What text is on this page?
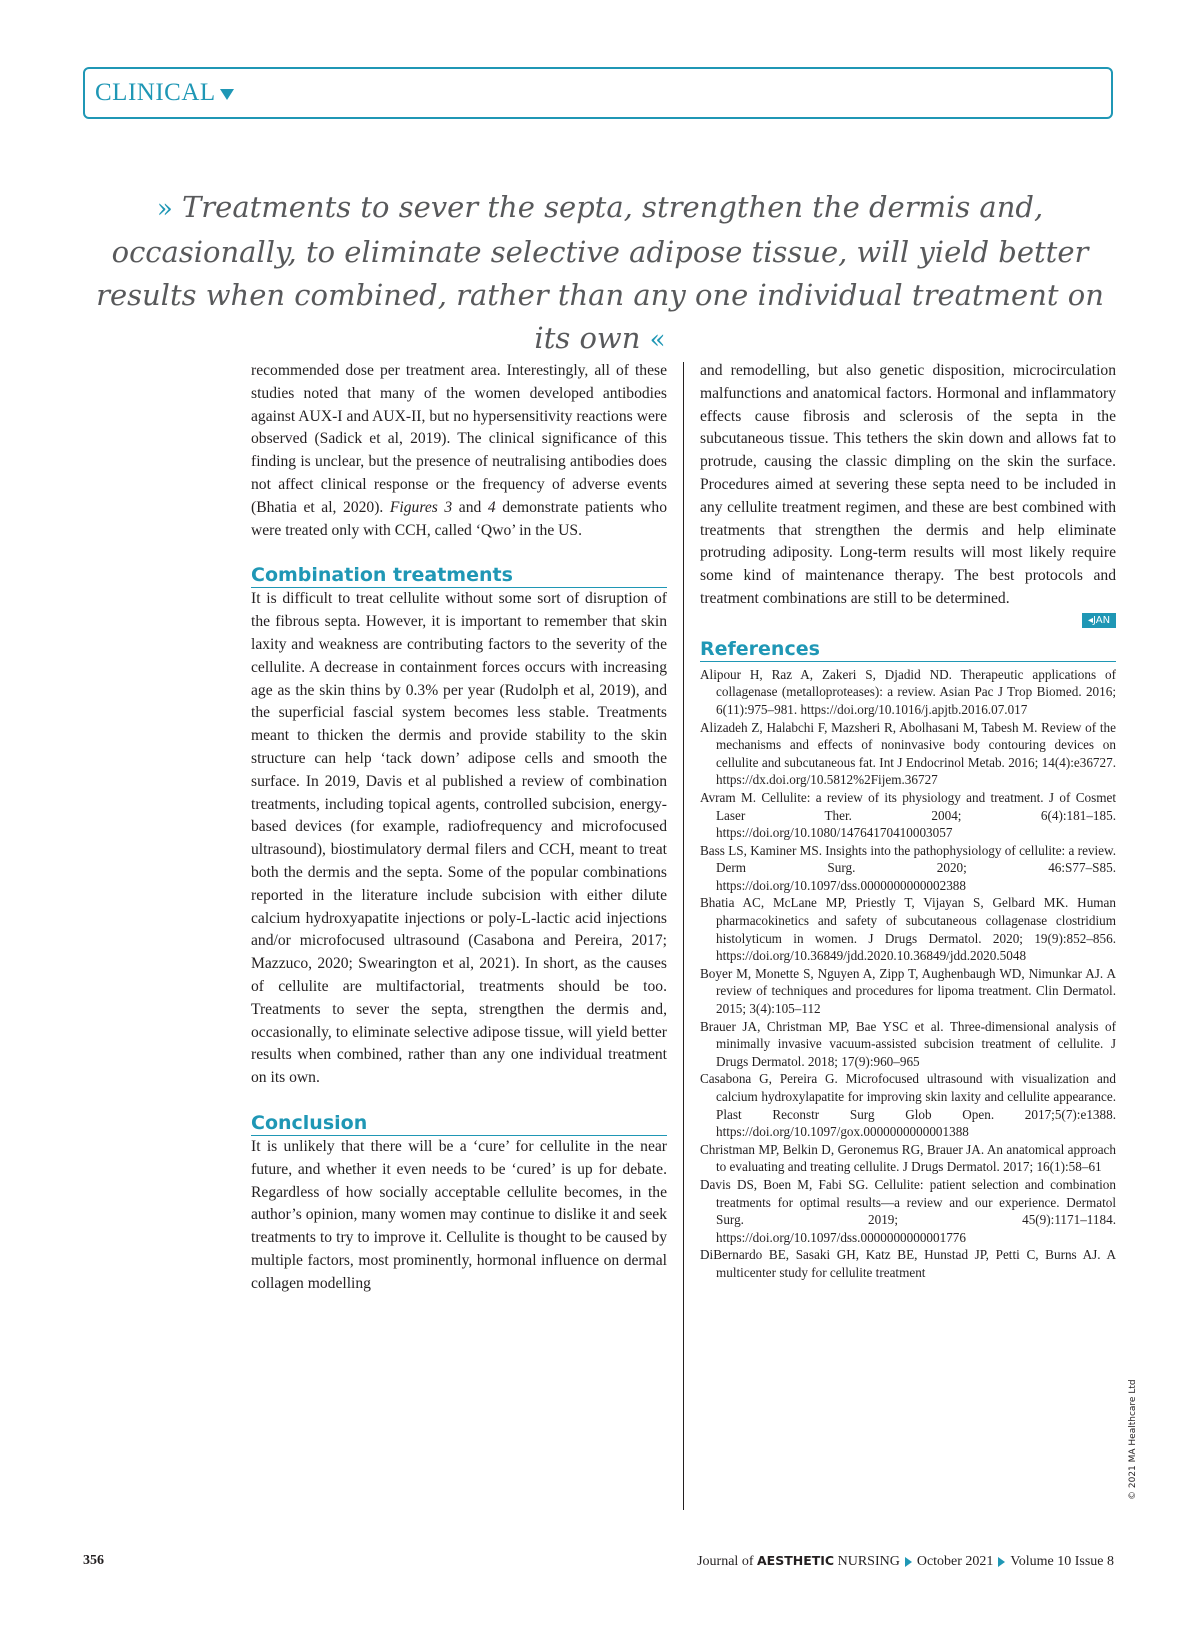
CLINICAL
» Treatments to sever the septa, strengthen the dermis and, occasionally, to eliminate selective adipose tissue, will yield better results when combined, rather than any one individual treatment on its own «

recommended dose per treatment area. Interestingly, all of these studies noted that many of the women developed antibodies against AUX-I and AUX-II, but no hypersensitivity reactions were observed (Sadick et al, 2019). The clinical significance of this finding is unclear, but the presence of neutralising antibodies does not affect clinical response or the frequency of adverse events (Bhatia et al, 2020). Figures 3 and 4 demonstrate patients who were treated only with CCH, called ‘Qwo’ in the US.

Combination treatments

It is difficult to treat cellulite without some sort of disruption of the fibrous septa. However, it is important to remember that skin laxity and weakness are contributing factors to the severity of the cellulite. A decrease in containment forces occurs with increasing age as the skin thins by 0.3% per year (Rudolph et al, 2019), and the superficial fascial system becomes less stable. Treatments meant to thicken the dermis and provide stability to the skin structure can help ‘tack down’ adipose cells and smooth the surface. In 2019, Davis et al published a review of combination treatments, including topical agents, controlled subcision, energy-based devices (for example, radiofrequency and microfocused ultrasound), biostimulatory dermal filers and CCH, meant to treat both the dermis and the septa. Some of the popular combinations reported in the literature include subcision with either dilute calcium hydroxyapatite injections or poly-L-lactic acid injections and/or microfocused ultrasound (Casabona and Pereira, 2017; Mazzuco, 2020; Swearington et al, 2021). In short, as the causes of cellulite are multifactorial, treatments should be too. Treatments to sever the septa, strengthen the dermis and, occasionally, to eliminate selective adipose tissue, will yield better results when combined, rather than any one individual treatment on its own.

Conclusion

It is unlikely that there will be a ‘cure’ for cellulite in the near future, and whether it even needs to be ‘cured’ is up for debate. Regardless of how socially acceptable cellulite becomes, in the author’s opinion, many women may continue to dislike it and seek treatments to try to improve it. Cellulite is thought to be caused by multiple factors, most prominently, hormonal influence on dermal collagen modelling

and remodelling, but also genetic disposition, microcirculation malfunctions and anatomical factors. Hormonal and inflammatory effects cause fibrosis and sclerosis of the septa in the subcutaneous tissue. This tethers the skin down and allows fat to protrude, causing the classic dimpling on the skin the surface. Procedures aimed at severing these septa need to be included in any cellulite treatment regimen, and these are best combined with treatments that strengthen the dermis and help eliminate protruding adiposity. Long-term results will most likely require some kind of maintenance therapy. The best protocols and treatment combinations are still to be determined.

◂JAN
References

Alipour H, Raz A, Zakeri S, Djadid ND. Therapeutic applications of collagenase (metalloproteases): a review. Asian Pac J Trop Biomed. 2016; 6(11):975–981. https://doi.org/10.1016/j.apjtb.2016.07.017

Alizadeh Z, Halabchi F, Mazsheri R, Abolhasani M, Tabesh M. Review of the mechanisms and effects of noninvasive body contouring devices on cellulite and subcutaneous fat. Int J Endocrinol Metab. 2016; 14(4):e36727. https://dx.doi.org/10.5812%2Fijem.36727

Avram M. Cellulite: a review of its physiology and treatment. J of Cosmet Laser Ther. 2004; 6(4):181–185. https://doi.org/10.1080/14764170410003057

Bass LS, Kaminer MS. Insights into the pathophysiology of cellulite: a review. Derm Surg. 2020; 46:S77–S85. https://doi.org/10.1097/dss.0000000000002388

Bhatia AC, McLane MP, Priestly T, Vijayan S, Gelbard MK. Human pharmacokinetics and safety of subcutaneous collagenase clostridium histolyticum in women. J Drugs Dermatol. 2020; 19(9):852–856. https://doi.org/10.36849/jdd.2020.10.36849/jdd.2020.5048

Boyer M, Monette S, Nguyen A, Zipp T, Aughenbaugh WD, Nimunkar AJ. A review of techniques and procedures for lipoma treatment. Clin Dermatol. 2015; 3(4):105–112

Brauer JA, Christman MP, Bae YSC et al. Three-dimensional analysis of minimally invasive vacuum-assisted subcision treatment of cellulite. J Drugs Dermatol. 2018; 17(9):960–965

Casabona G, Pereira G. Microfocused ultrasound with visualization and calcium hydroxylapatite for improving skin laxity and cellulite appearance. Plast Reconstr Surg Glob Open. 2017;5(7):e1388. https://doi.org/10.1097/gox.0000000000001388

Christman MP, Belkin D, Geronemus RG, Brauer JA. An anatomical approach to evaluating and treating cellulite. J Drugs Dermatol. 2017; 16(1):58–61

Davis DS, Boen M, Fabi SG. Cellulite: patient selection and combination treatments for optimal results—a review and our experience. Dermatol Surg. 2019; 45(9):1171–1184. https://doi.org/10.1097/dss.0000000000001776

DiBernardo BE, Sasaki GH, Katz BE, Hunstad JP, Petti C, Burns AJ. A multicenter study for cellulite treatment

© 2021 MA Healthcare Ltd
356	Journal of AESTHETIC NURSING October 2021 Volume 10 Issue 8
